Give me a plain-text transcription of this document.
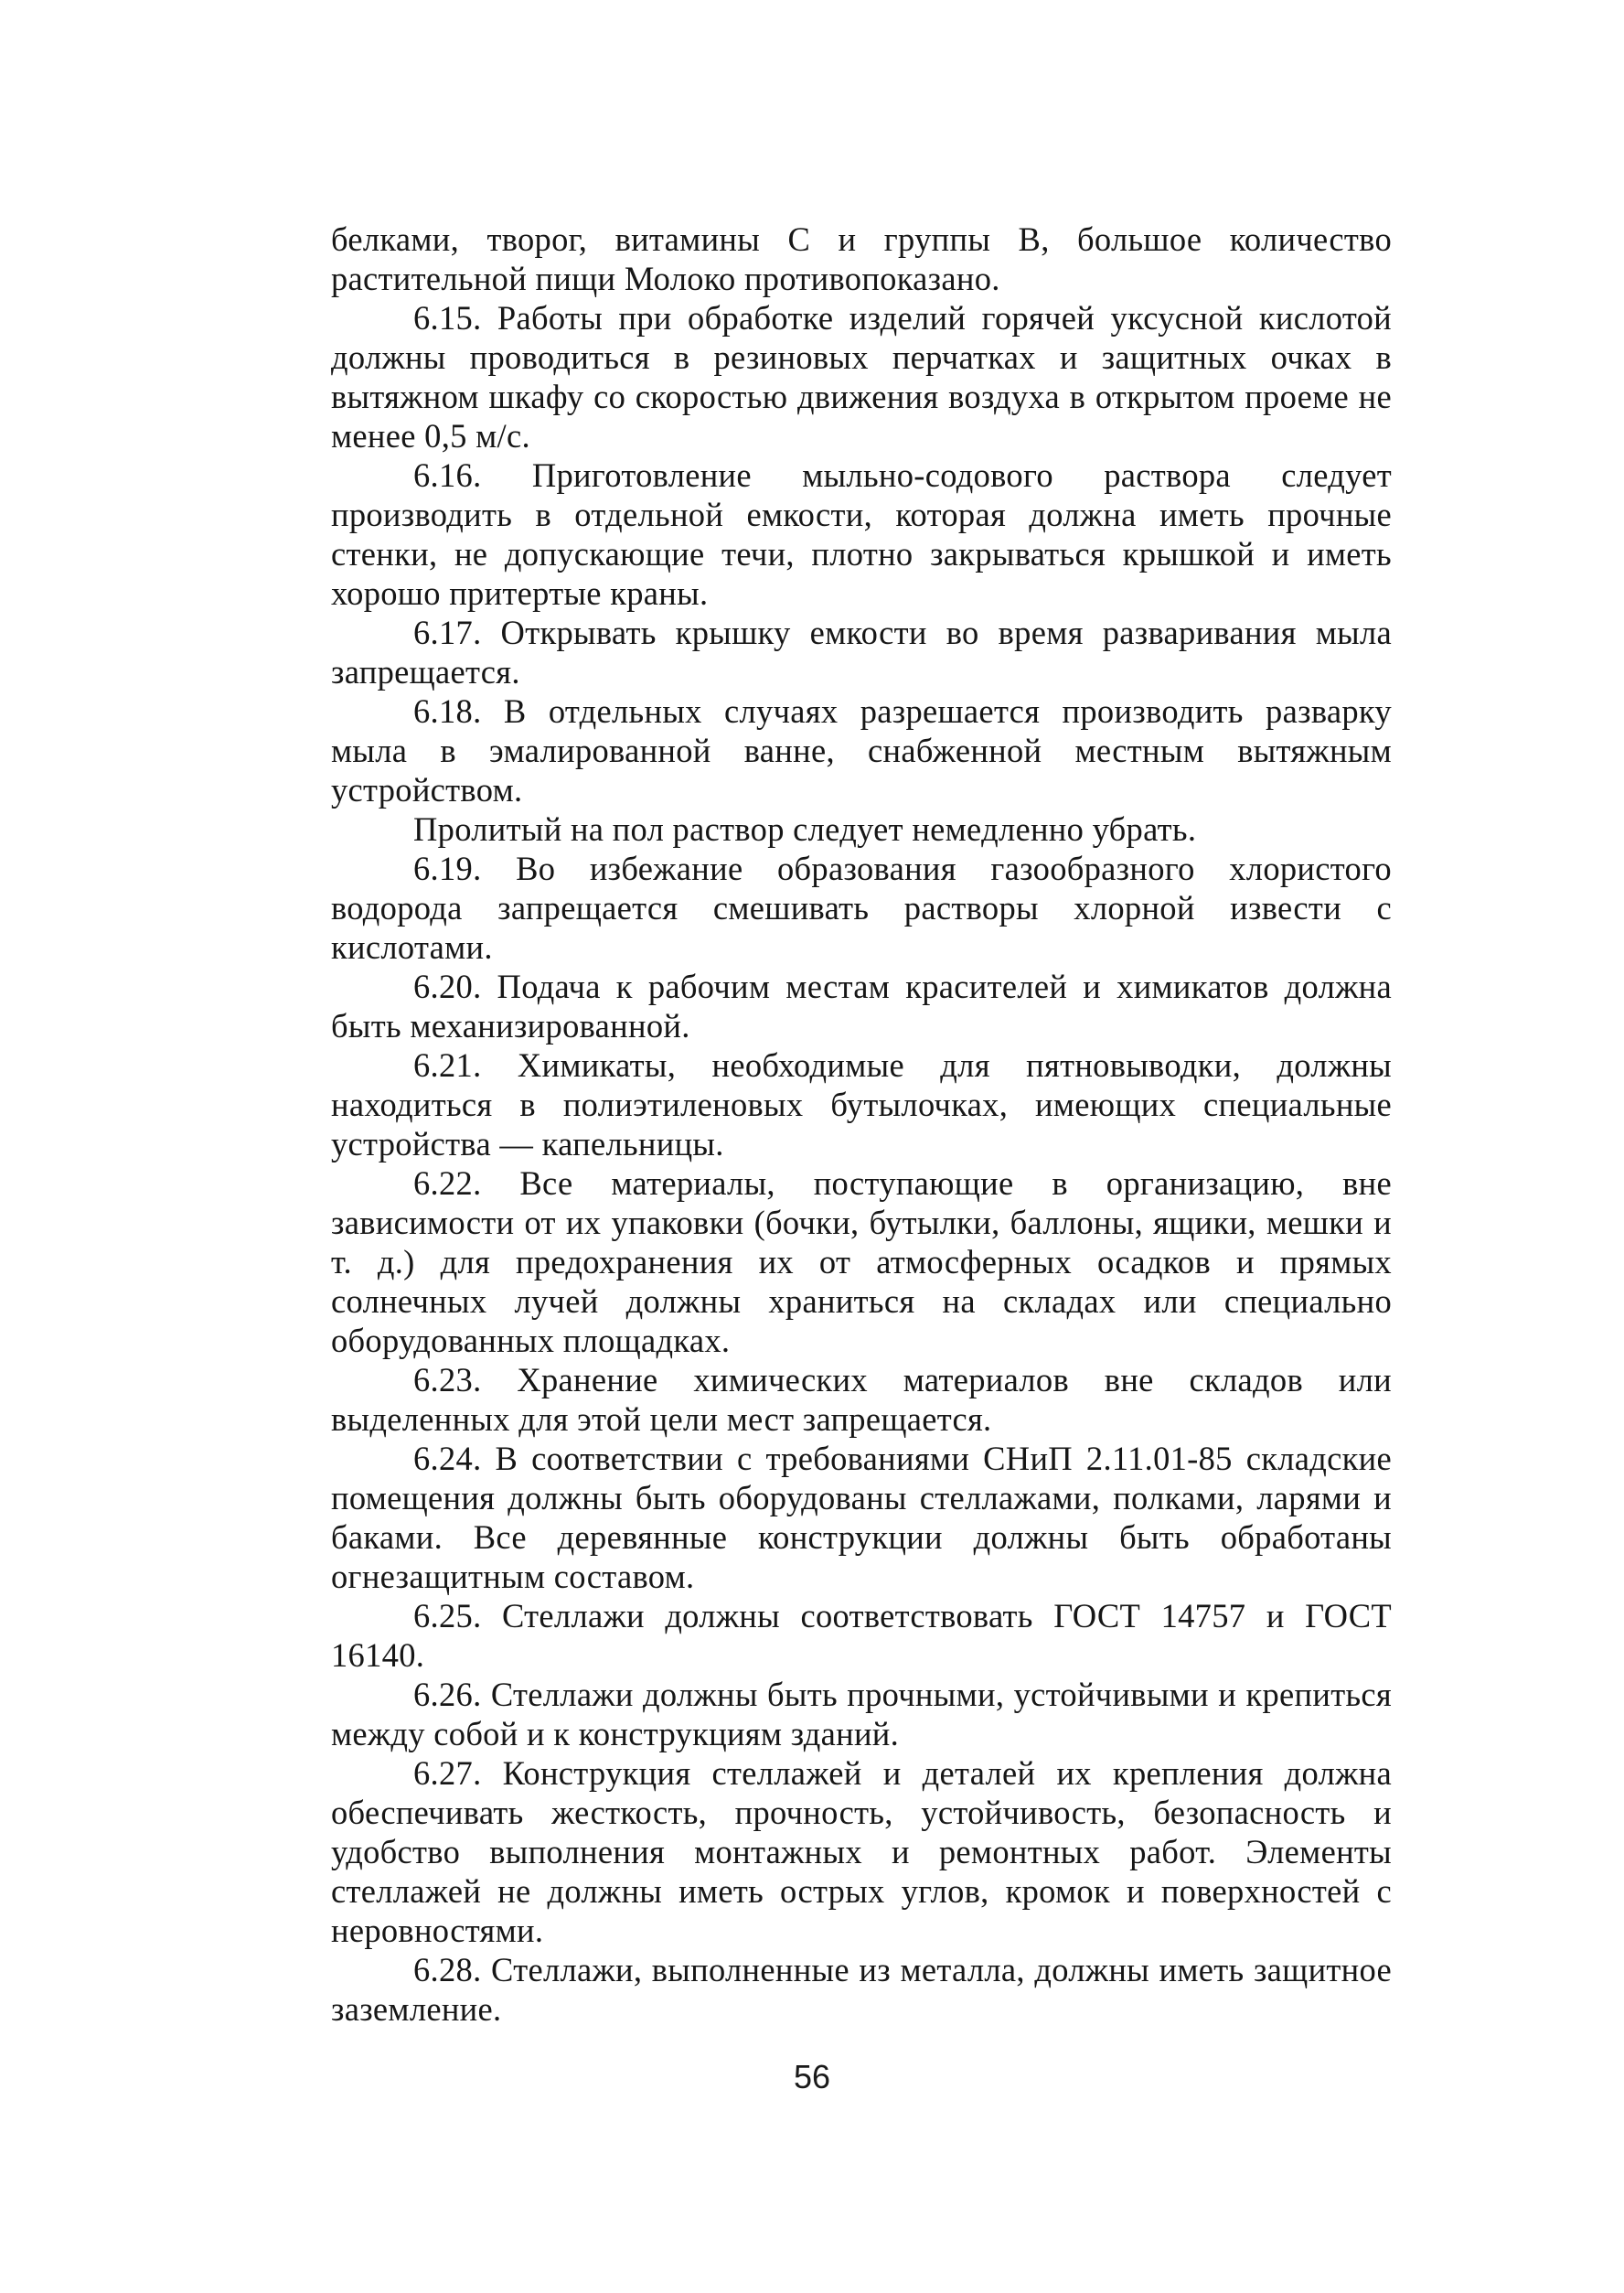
белками, творог, витамины С и группы В, большое количество растительной пищи Молоко противопоказано.

6.15. Работы при обработке изделий горячей уксусной кислотой должны проводиться в резиновых перчатках и защитных очках в вытяжном шкафу со скоростью движения воздуха в открытом проеме не менее 0,5 м/с.

6.16. Приготовление мыльно-содового раствора следует производить в отдельной емкости, которая должна иметь прочные стенки, не допускающие течи, плотно закрываться крышкой и иметь хорошо притертые краны.

6.17. Открывать крышку емкости во время разваривания мыла запрещается.

6.18. В отдельных случаях разрешается производить разварку мыла в эмалированной ванне, снабженной местным вытяжным устройством.

Пролитый на пол раствор следует немедленно убрать.

6.19. Во избежание образования газообразного хлористого водорода запрещается смешивать растворы хлорной извести с кислотами.

6.20. Подача к рабочим местам красителей и химикатов должна быть механизированной.

6.21. Химикаты, необходимые для пятновыводки, должны находиться в полиэтиленовых бутылочках, имеющих специальные устройства — капельницы.

6.22. Все материалы, поступающие в организацию, вне зависимости от их упаковки (бочки, бутылки, баллоны, ящики, мешки и т. д.) для предохранения их от атмосферных осадков и прямых солнечных лучей должны храниться на складах или специально оборудованных площадках.

6.23. Хранение химических материалов вне складов или выделенных для этой цели мест запрещается.

6.24. В соответствии с требованиями СНиП 2.11.01-85 складские помещения должны быть оборудованы стеллажами, полками, ларями и баками. Все деревянные конструкции должны быть обработаны огнезащитным составом.

6.25. Стеллажи должны соответствовать ГОСТ 14757 и ГОСТ 16140.

6.26. Стеллажи должны быть прочными, устойчивыми и крепиться между собой и к конструкциям зданий.

6.27. Конструкция стеллажей и деталей их крепления должна обеспечивать жесткость, прочность, устойчивость, безопасность и удобство выполнения монтажных и ремонтных работ. Элементы стеллажей не должны иметь острых углов, кромок и поверхностей с неровностями.

6.28. Стеллажи, выполненные из металла, должны иметь защитное заземление.

56
